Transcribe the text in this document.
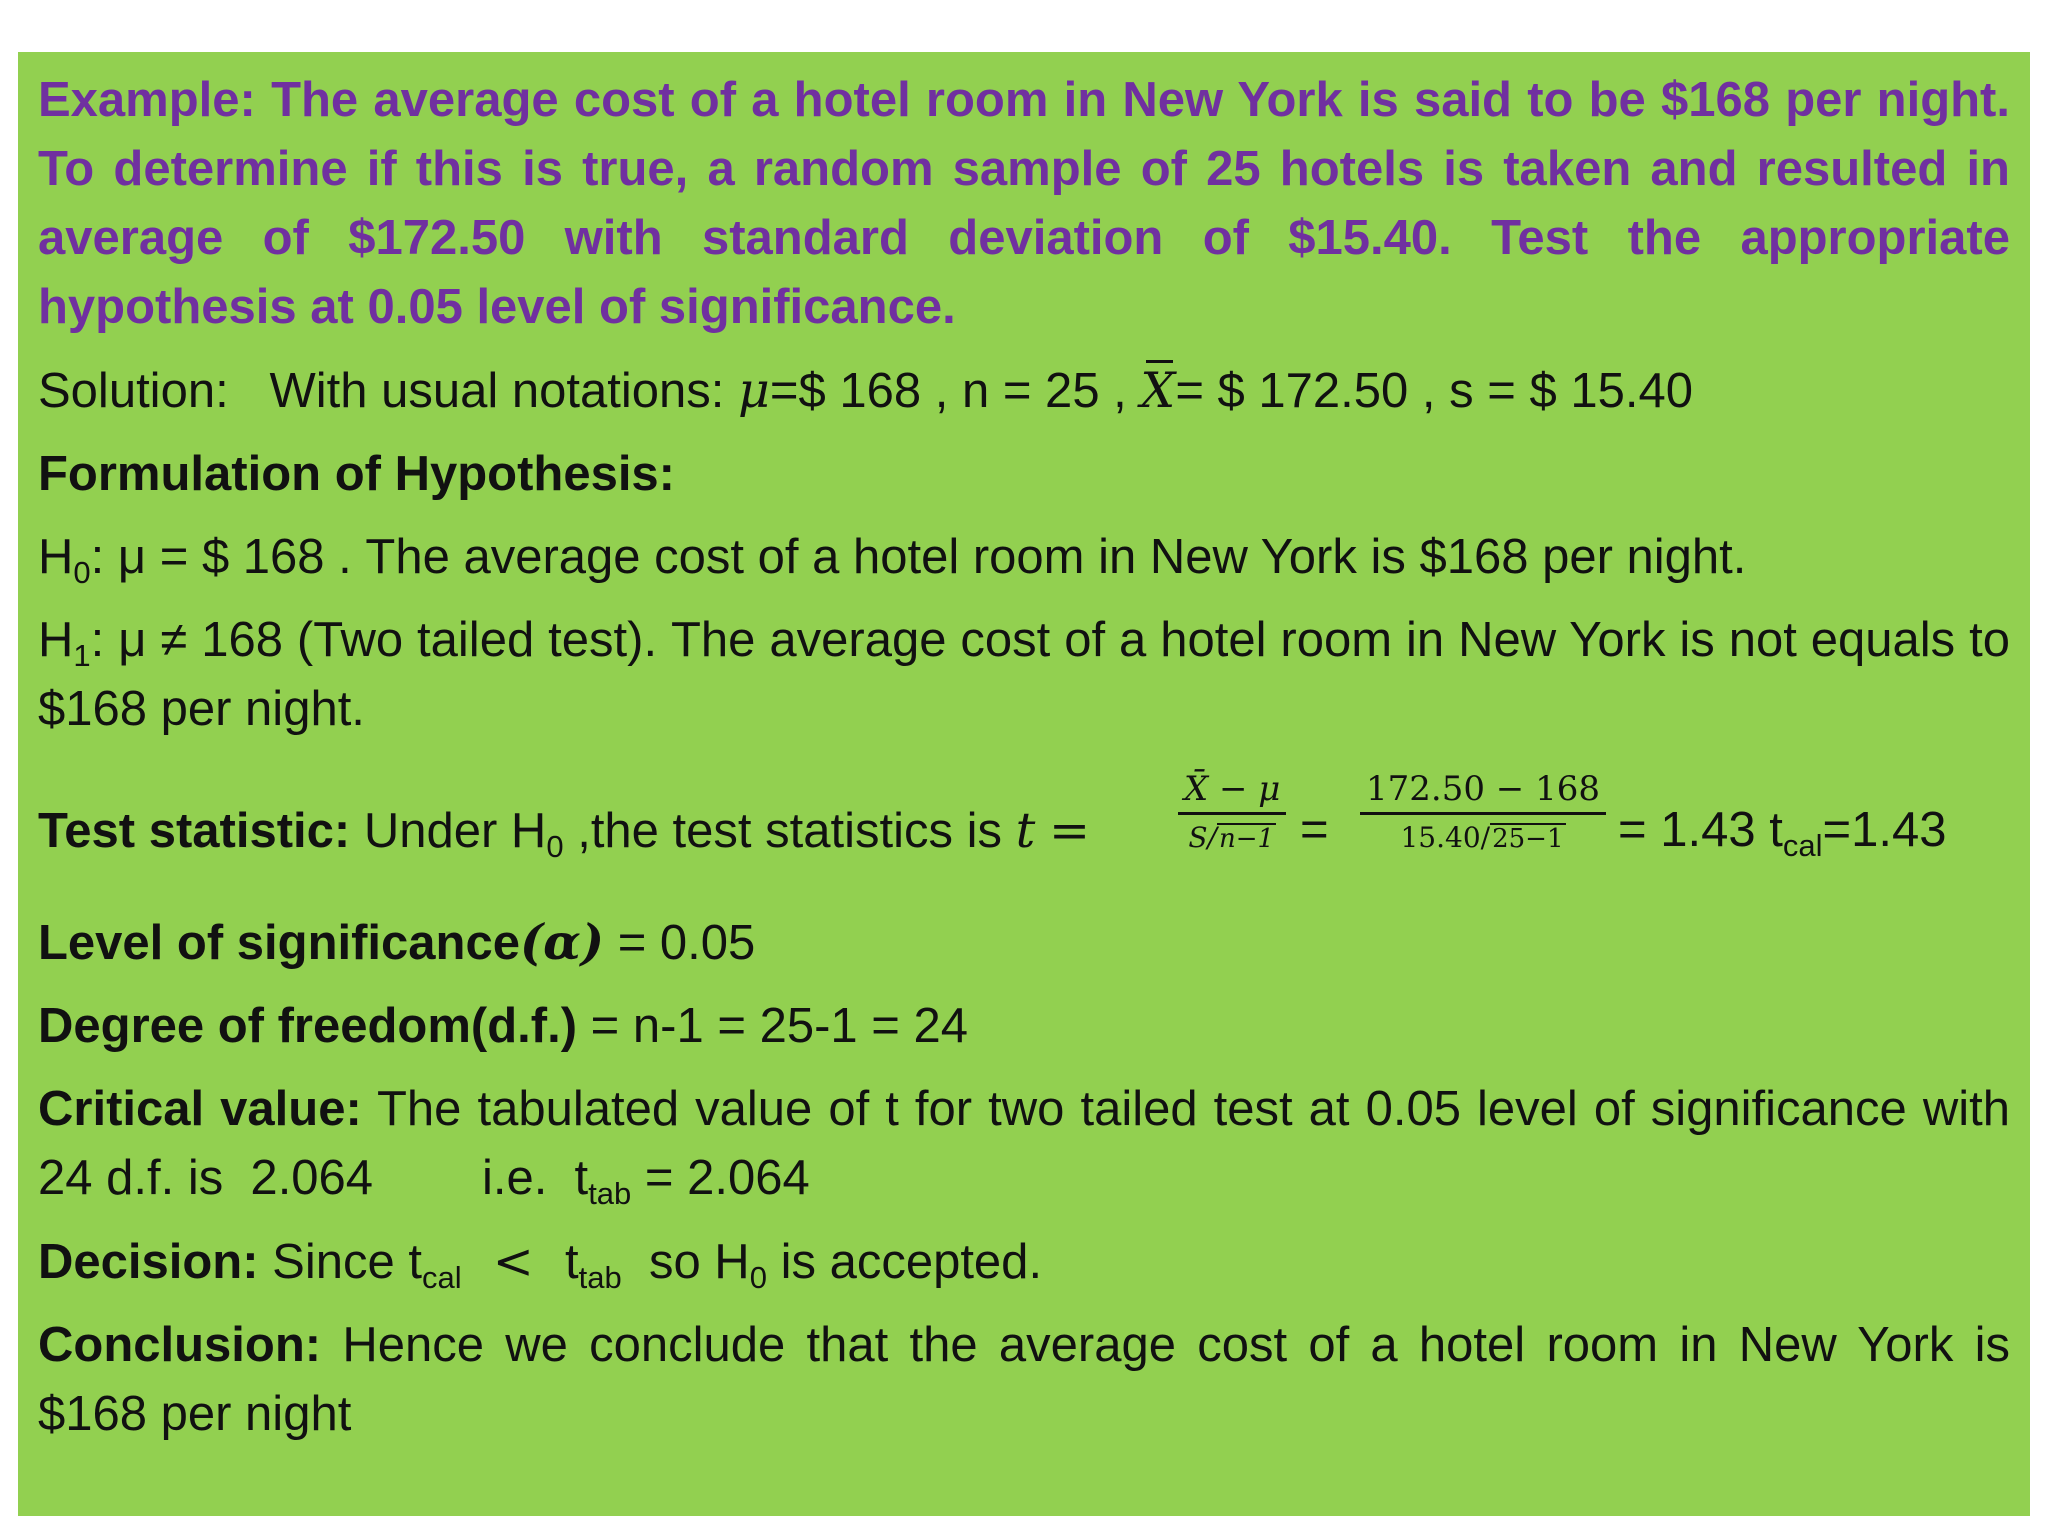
Example: The average cost of a hotel room in New York is said to be $168 per night. To determine if this is true, a random sample of 25 hotels is taken and resulted in average of $172.50 with standard deviation of $15.40. Test the appropriate hypothesis at 0.05 level of significance.

Solution: With usual notations: μ=$ 168 , n = 25 , X= $ 172.50 , s = $ 15.40

Formulation of Hypothesis:

$H_0$: μ = $ 168 . The average cost of a hotel room in New York is $168 per night.

$H_1$: μ ≠ 168 (Two tailed test). The average cost of a hotel room in New York is not equals to $168 per night.

Test statistic: Under $H_0$ ,the test statistics is t =	$\frac{X̄ - \mu}{S/n-1} = \frac{172.50 - 168}{15.40/25-1} = 1.43$ $t_{cal}=1.43$

Level of significance(α) = 0.05

Degree of freedom(d.f.) = n-1 = 25-1 = 24

Critical value: The tabulated value of t for two tailed test at 0.05 level of significance with 24 d.f. is  2.064        i.e.  $t_{tab} = 2.064$

Decision: Since $t_{cal} < t_{tab}$  so $H_0$ is accepted.

Conclusion: Hence we conclude that the average cost of a hotel room in New York is $168 per night
